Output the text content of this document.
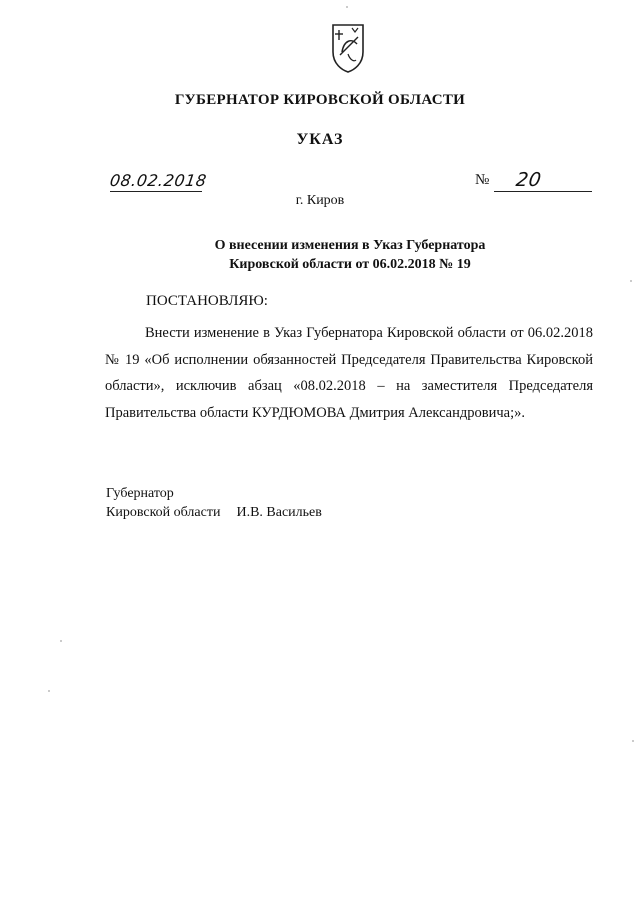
ГУБЕРНАТОР КИРОВСКОЙ ОБЛАСТИ
УКАЗ
08.02.2018	№	20
г. Киров
О внесении изменения в Указ Губернатора
Кировской области от 06.02.2018 № 19
ПОСТАНОВЛЯЮ:
Внести изменение в Указ Губернатора Кировской области от 06.02.2018 № 19 «Об исполнении обязанностей Председателя Правительства Кировской области», исключив абзац «08.02.2018 – на заместителя Председателя Правительства области КУРДЮМОВА Дмитрия Александровича;».
Губернатор
Кировской области И.В. Васильев
